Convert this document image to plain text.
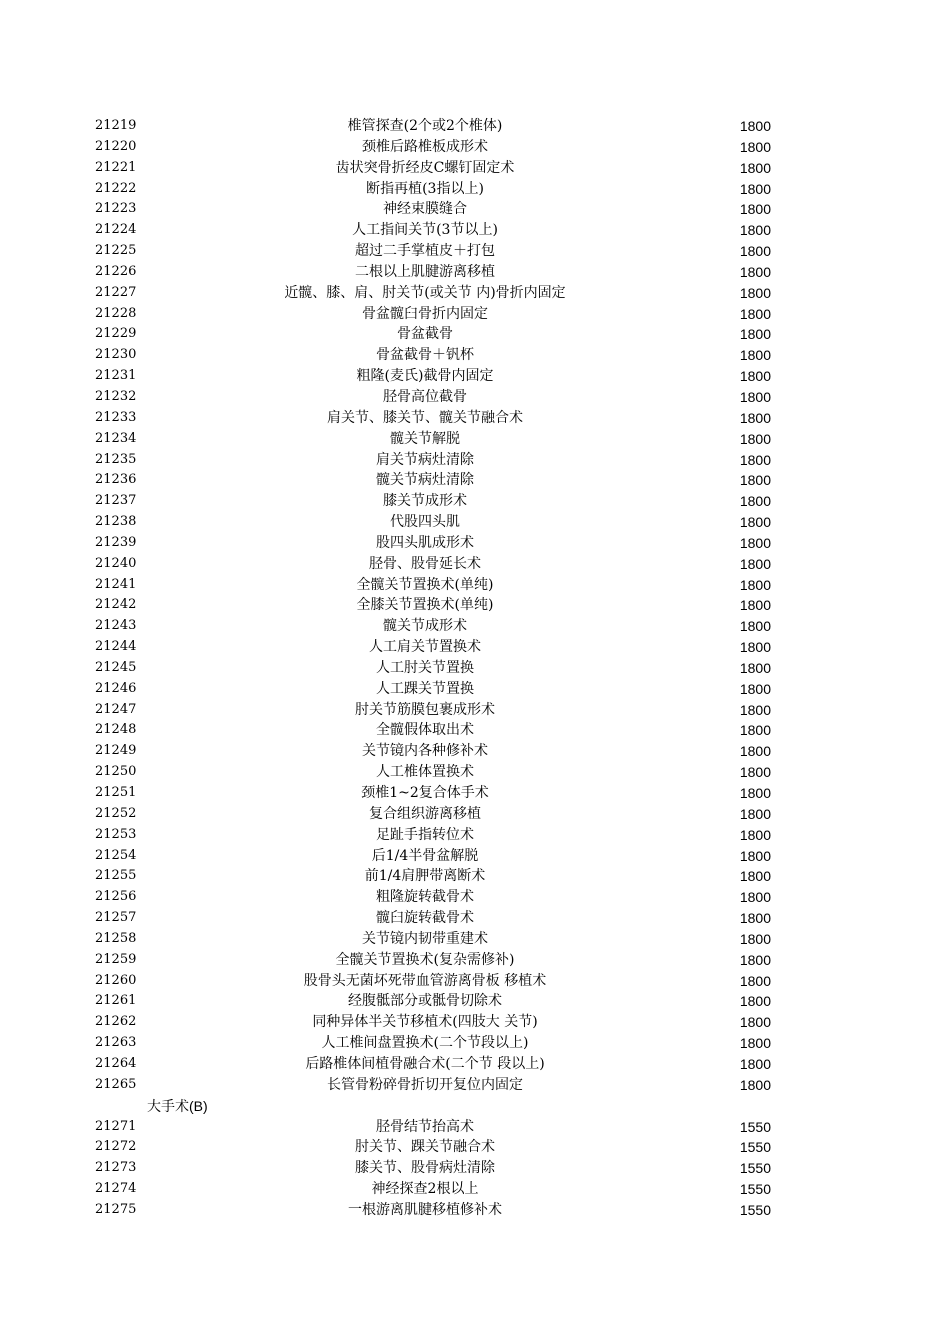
21219	椎管探查(2个或2个椎体)	1800
21220	颈椎后路椎板成形术	1800
21221	齿状突骨折经皮C螺钉固定术	1800
21222	断指再植(3指以上)	1800
21223	神经束膜缝合	1800
21224	人工指间关节(3节以上)	1800
21225	超过二手掌植皮＋打包	1800
21226	二根以上肌腱游离移植	1800
21227	近髋、膝、肩、肘关节(或关节 内)骨折内固定	1800
21228	骨盆髋臼骨折内固定	1800
21229	骨盆截骨	1800
21230	骨盆截骨＋钒杯	1800
21231	粗隆(麦氏)截骨内固定	1800
21232	胫骨高位截骨	1800
21233	肩关节、膝关节、髋关节融合术	1800
21234	髋关节解脱	1800
21235	肩关节病灶清除	1800
21236	髋关节病灶清除	1800
21237	膝关节成形术	1800
21238	代股四头肌	1800
21239	股四头肌成形术	1800
21240	胫骨、股骨延长术	1800
21241	全髋关节置换术(单纯)	1800
21242	全膝关节置换术(单纯)	1800
21243	髋关节成形术	1800
21244	人工肩关节置换术	1800
21245	人工肘关节置换	1800
21246	人工踝关节置换	1800
21247	肘关节筋膜包裹成形术	1800
21248	全髋假体取出术	1800
21249	关节镜内各种修补术	1800
21250	人工椎体置换术	1800
21251	颈椎1~2复合体手术	1800
21252	复合组织游离移植	1800
21253	足趾手指转位术	1800
21254	后1/4半骨盆解脱	1800
21255	前1/4肩胛带离断术	1800
21256	粗隆旋转截骨术	1800
21257	髋臼旋转截骨术	1800
21258	关节镜内韧带重建术	1800
21259	全髋关节置换术(复杂需修补)	1800
21260	股骨头无菌坏死带血管游离骨板 移植术	1800
21261	经腹骶部分或骶骨切除术	1800
21262	同种异体半关节移植术(四肢大 关节)	1800
21263	人工椎间盘置换术(二个节段以上)	1800
21264	后路椎体间植骨融合术(二个节 段以上)	1800
21265	长管骨粉碎骨折切开复位内固定	1800
大手术(B)
21271	胫骨结节抬高术	1550
21272	肘关节、踝关节融合术	1550
21273	膝关节、股骨病灶清除	1550
21274	神经探查2根以上	1550
21275	一根游离肌腱移植修补术	1550
